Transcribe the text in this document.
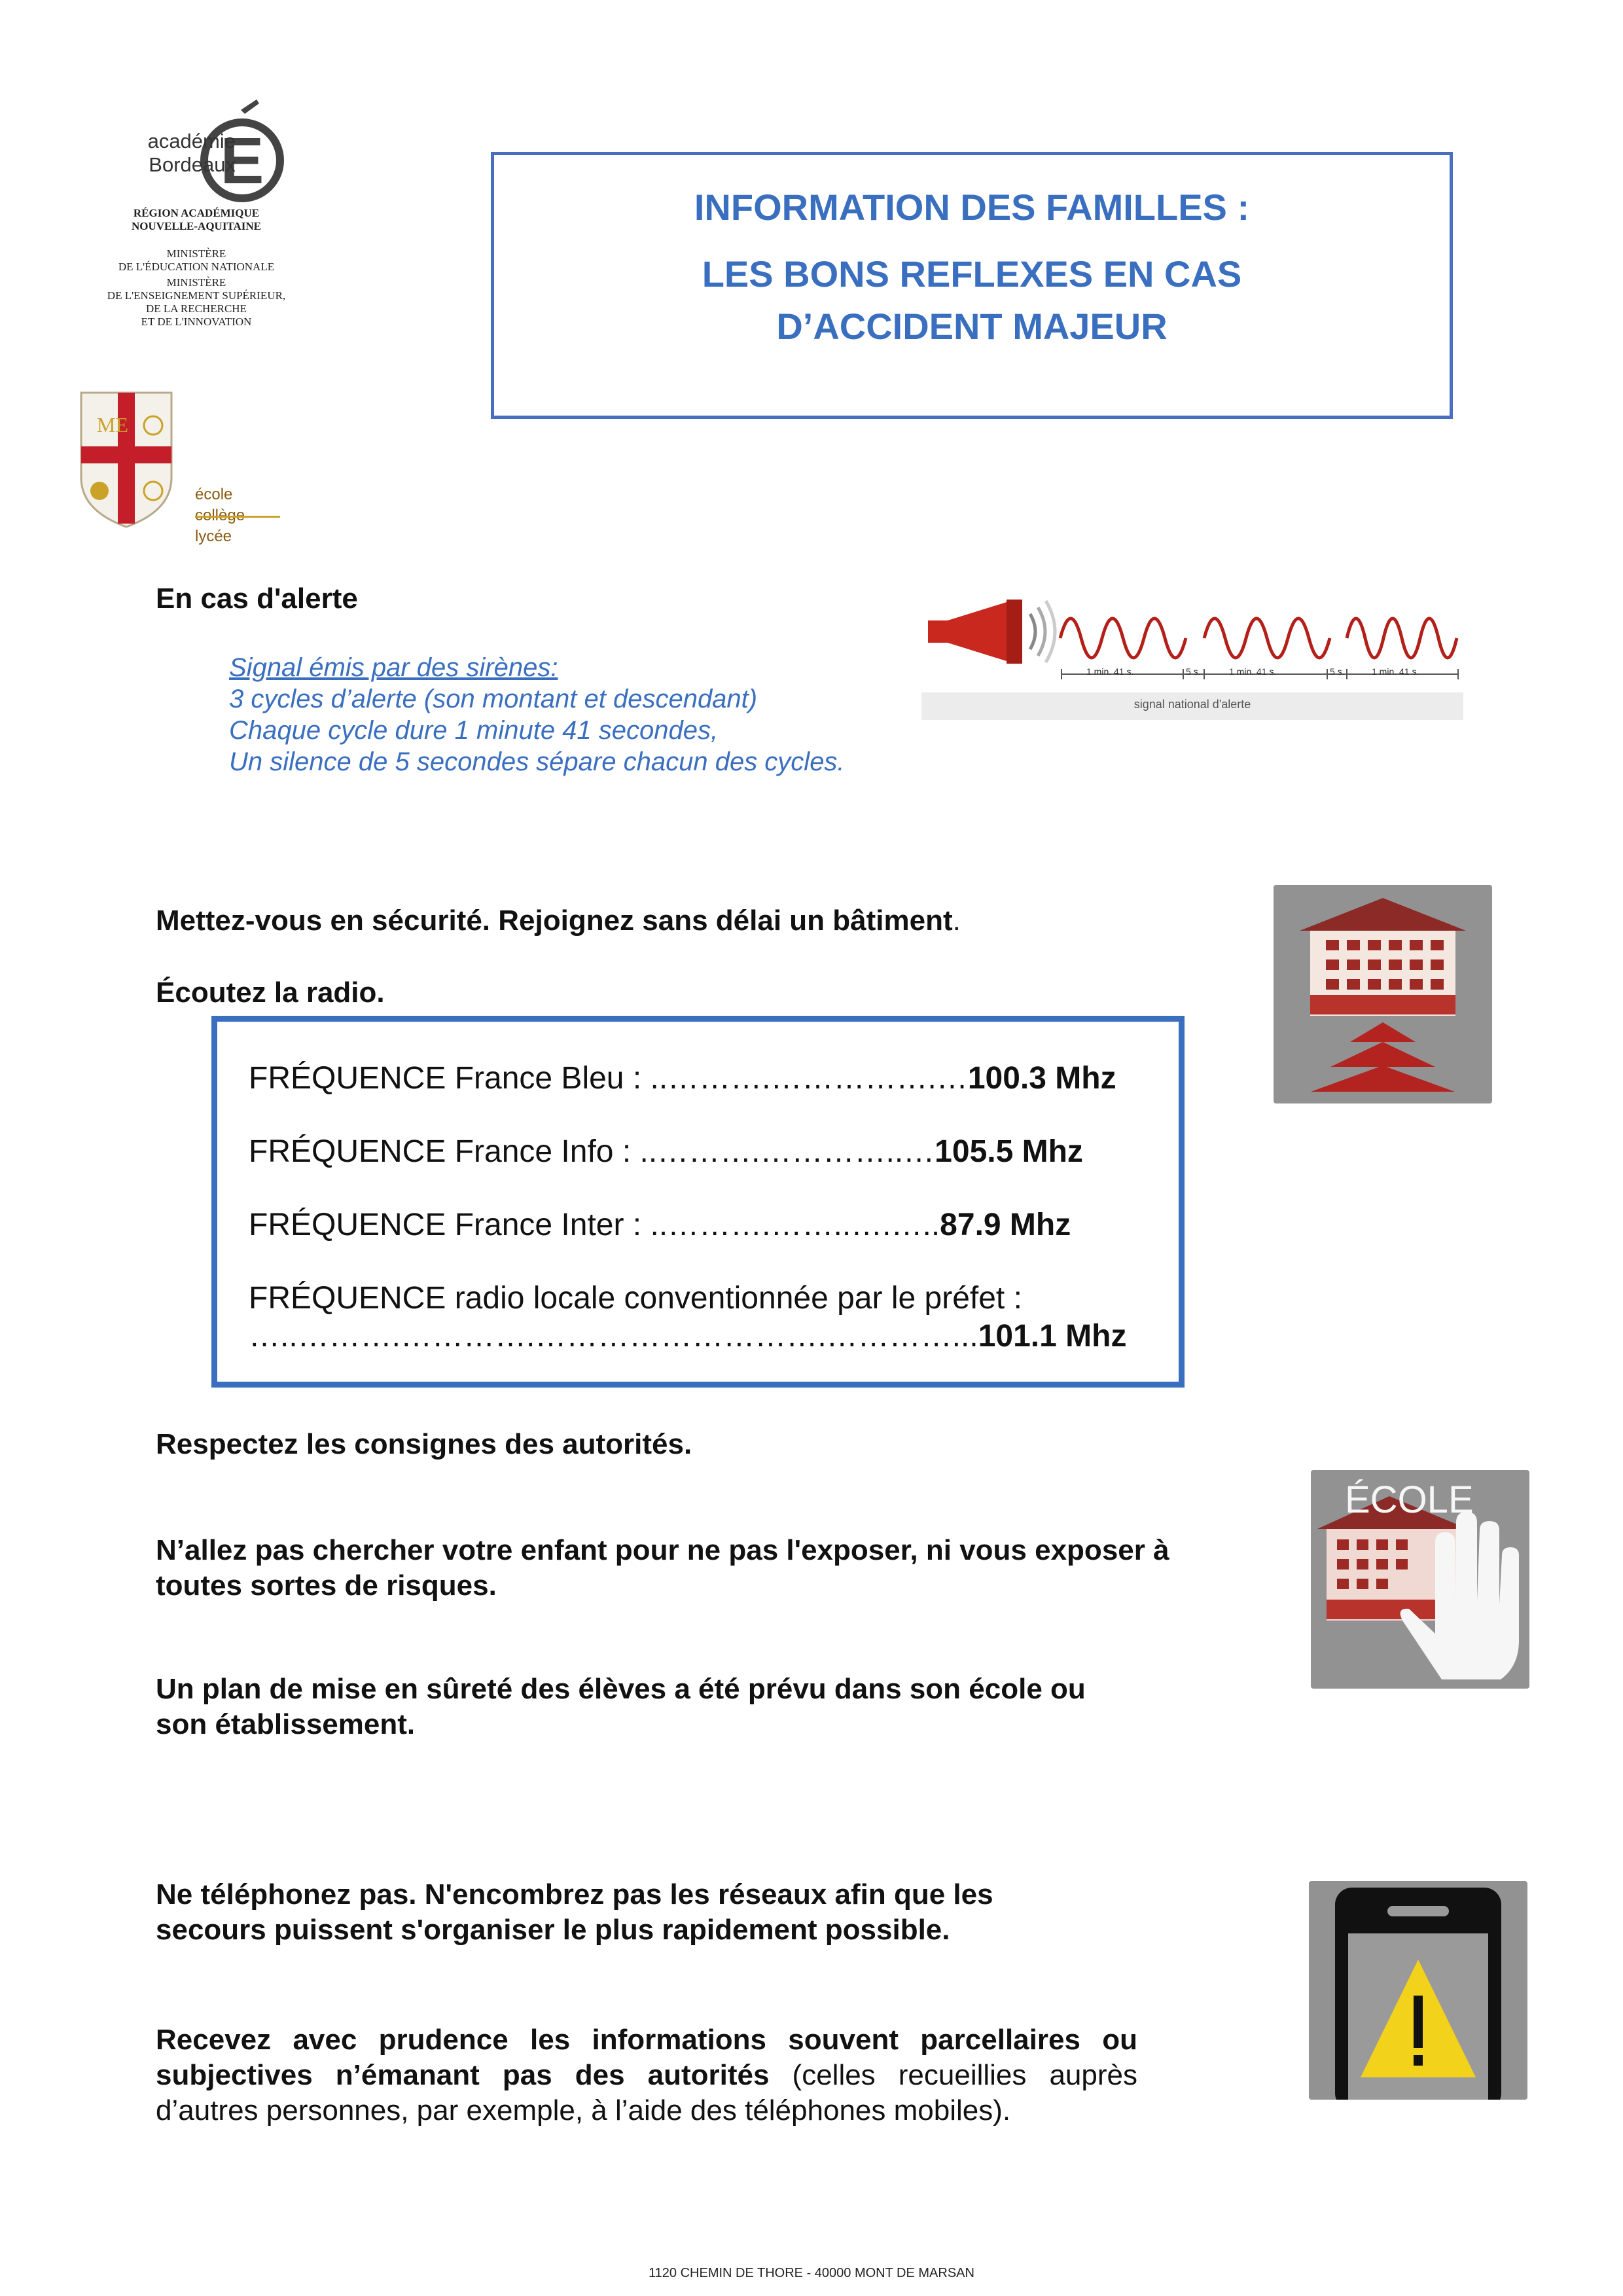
E
académie
Bordeaux
RÉGION ACADÉMIQUE
NOUVELLE-AQUITAINE
MINISTÈRE
DE L'ÉDUCATION NATIONALE
MINISTÈRE
DE L'ENSEIGNEMENT SUPÉRIEUR,
DE LA RECHERCHE
ET DE L'INNOVATION
ME
école
lycée
INFORMATION DES FAMILLES :
LES BONS REFLEXES EN CAS
D’ACCIDENT MAJEUR
En cas d'alerte
Signal émis par des sirènes:
3 cycles d’alerte (son montant et descendant)
Chaque cycle dure 1 minute 41 secondes,
Un silence de 5 secondes sépare chacun des cycles.
1 min. 41 s.	5 s.	1 min. 41 s.	5 s.	1 min. 41 s.
signal national d'alerte
Mettez-vous en sécurité. Rejoignez sans délai un bâtiment.
Écoutez la radio.
FRÉQUENCE France Bleu : ..……….…………….…100.3 Mhz
FRÉQUENCE France Info : ..……….…………..…105.5 Mhz
FRÉQUENCE France Inter : ..……….……..….…..87.9 Mhz
FRÉQUENCE radio locale conventionnée par le préfet :
…..……….………….……………………….…………...101.1 Mhz
Respectez les consignes des autorités.
N’allez pas chercher votre enfant pour ne pas l'exposer, ni vous exposer à
toutes sortes de risques.
Un plan de mise en sûreté des élèves a été prévu dans son école ou
son établissement.
ÉCOLE
Ne téléphonez pas. N'encombrez pas les réseaux afin que les
secours puissent s'organiser le plus rapidement possible.
Recevez avec prudence les informations souvent parcellaires ou
subjectives n’émanant pas des autorités (celles recueillies auprès
d’autres personnes, par exemple, à l’aide des téléphones mobiles).
1120 CHEMIN DE THORE - 40000 MONT DE MARSAN
